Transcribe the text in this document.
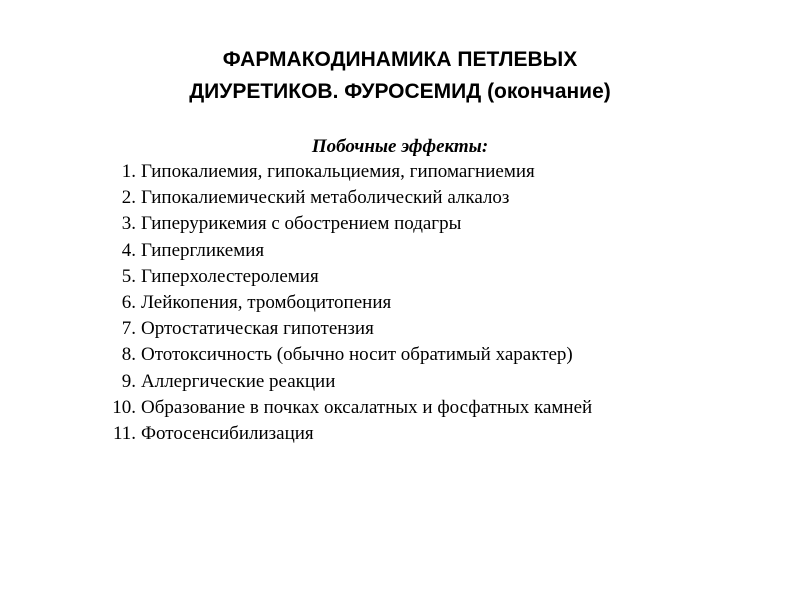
ФАРМАКОДИНАМИКА ПЕТЛЕВЫХ
ДИУРЕТИКОВ. ФУРОСЕМИД (окончание)

Побочные эффекты:

1. Гипокалиемия, гипокальциемия, гипомагниемия
2. Гипокалиемический метаболический алкалоз
3. Гиперурикемия с обострением подагры
4. Гипергликемия
5. Гиперхолестеролемия
6. Лейкопения, тромбоцитопения
7. Ортостатическая гипотензия
8. Ототоксичность (обычно носит обратимый характер)
9. Аллергические реакции
10. Образование в почках оксалатных и фосфатных камней
11. Фотосенсибилизация
